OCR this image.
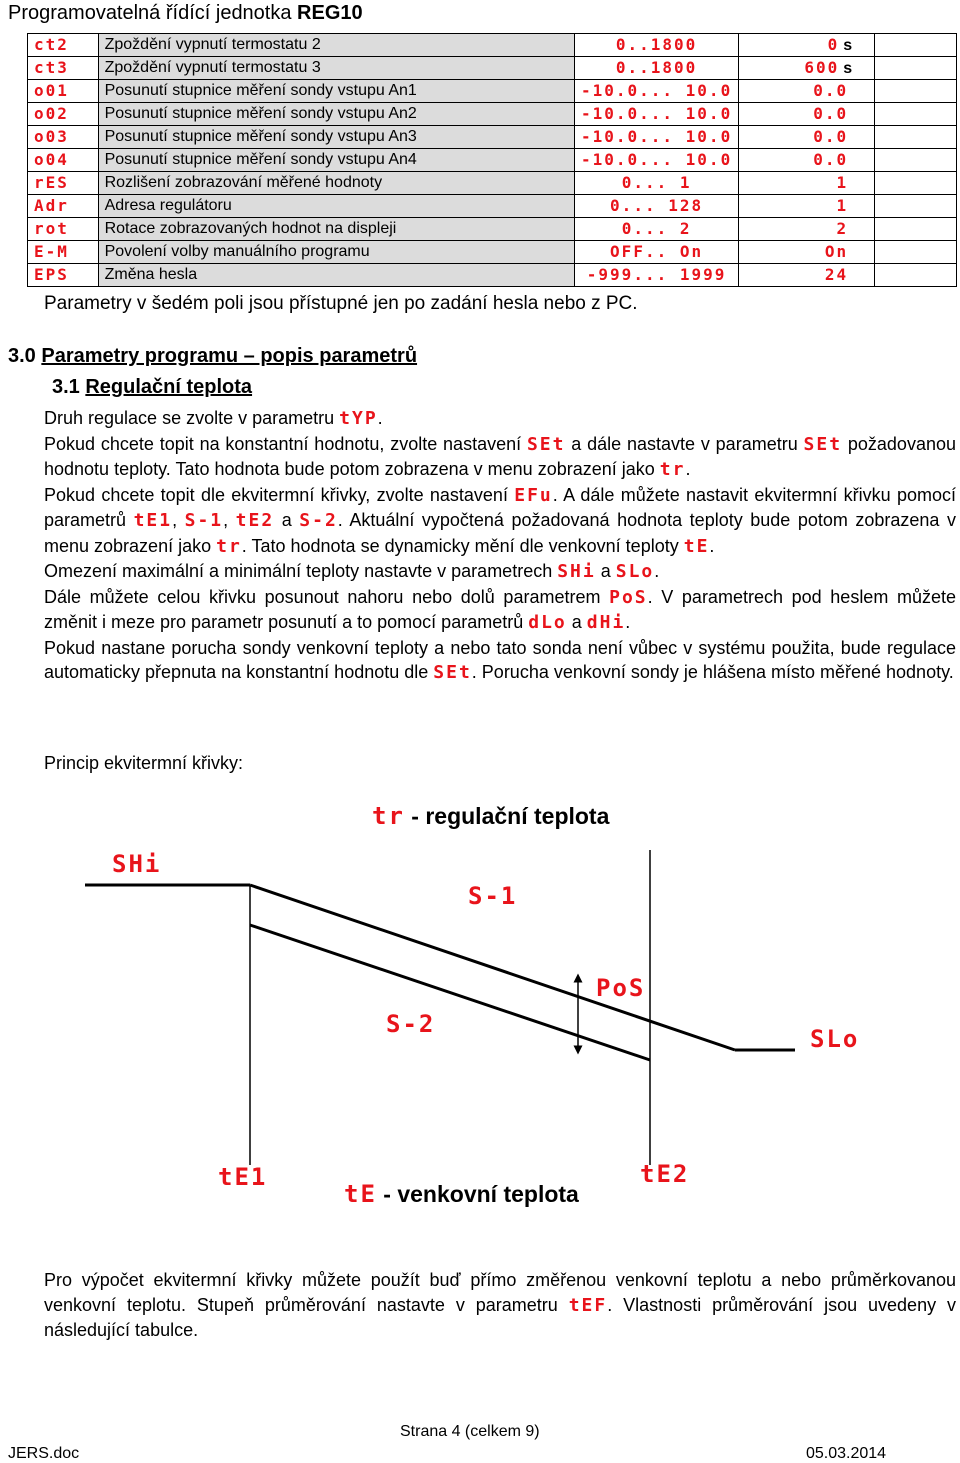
Programovatelná řídící jednotka REG10
ct2	Zpoždění vypnutí termostatu 2	0..1800	0 s	
ct3	Zpoždění vypnutí termostatu 3	0..1800	600 s	
o01	Posunutí stupnice měření sondy vstupu An1	-10.0... 10.0	0.0	
o02	Posunutí stupnice měření sondy vstupu An2	-10.0... 10.0	0.0	
o03	Posunutí stupnice měření sondy vstupu An3	-10.0... 10.0	0.0	
o04	Posunutí stupnice měření sondy vstupu An4	-10.0... 10.0	0.0	
rES	Rozlišení zobrazování měřené hodnoty	0... 1	1	
Adr	Adresa regulátoru	0... 128	1	
rot	Rotace zobrazovaných hodnot na displeji	0... 2	2	
E-M	Povolení volby manuálního programu	OFF.. On	On	
EPS	Změna hesla	-999... 1999	24	
Parametry v šedém poli jsou přístupné jen po zadání hesla nebo z PC.
3.0 Parametry programu – popis parametrů
3.1 Regulační teplota

Druh regulace se zvolte v parametru tYP.

Pokud chcete topit na konstantní hodnotu, zvolte nastavení SEt a dále nastavte v parametru SEt požadovanou hodnotu teploty. Tato hodnota bude potom zobrazena v menu zobrazení jako tr.

Pokud chcete topit dle ekvitermní křivky, zvolte nastavení EFu. A dále můžete nastavit ekvitermní křivku pomocí parametrů tE1, S-1, tE2 a S-2. Aktuální vypočtená požadovaná hodnota teploty bude potom zobrazena v menu zobrazení jako tr. Tato hodnota se dynamicky mění dle venkovní teploty tE.

Omezení maximální a minimální teploty nastavte v parametrech SHi a SLo.

Dále můžete celou křivku posunout nahoru nebo dolů parametrem PoS. V parametrech pod heslem můžete změnit i meze pro parametr posunutí a to pomocí parametrů dLo a dHi.

Pokud nastane porucha sondy venkovní teploty a nebo tato sonda není vůbec v systému použita, bude regulace automaticky přepnuta na konstantní hodnotu dle SEt. Porucha venkovní sondy je hlášena místo měřené hodnoty.

Princip ekvitermní křivky:
tr - regulační teplota
SHi
S-1
PoS
S-2
SLo
tE1	tE2
tE - venkovní teplota

Pro výpočet ekvitermní křivky můžete použít buď přímo změřenou venkovní teplotu a nebo průměrkovanou venkovní teplotu. Stupeň průměrování nastavte v parametru tEF. Vlastnosti průměrování jsou uvedeny v následující tabulce.

Strana 4 (celkem 9)
JERS.doc	05.03.2014
